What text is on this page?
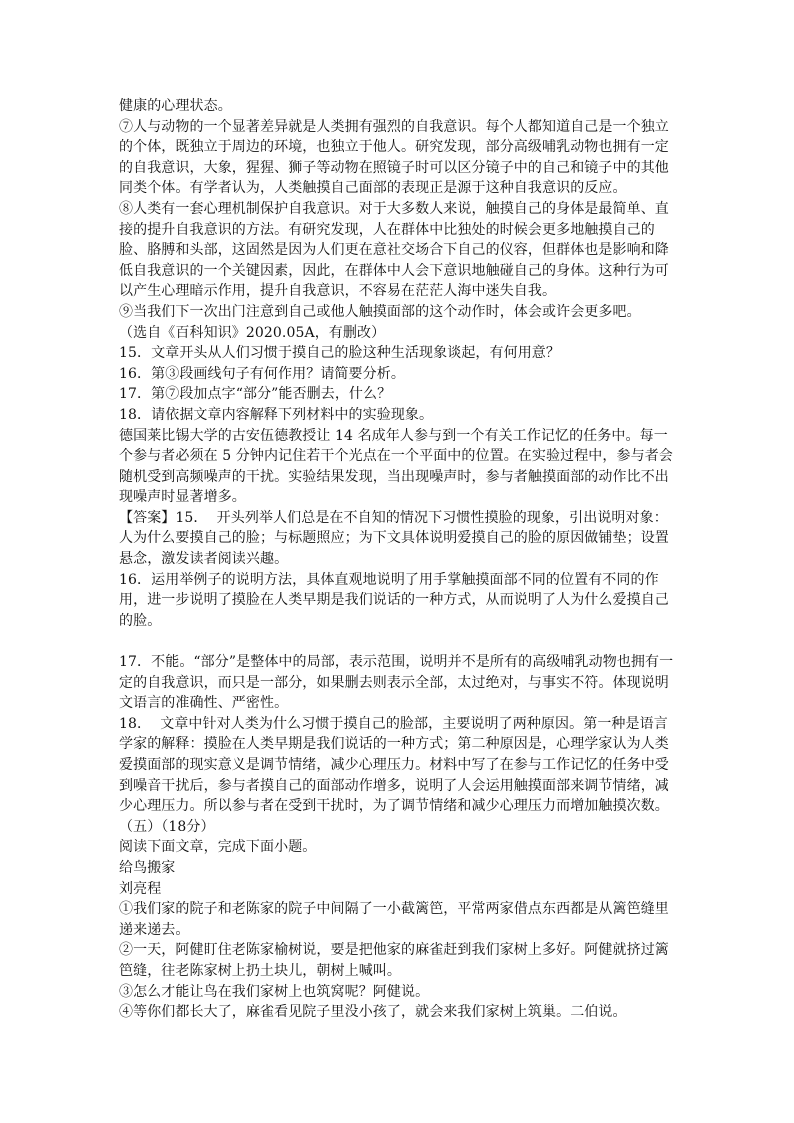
健康的心理状态。

⑦人与动物的一个显著差异就是人类拥有强烈的自我意识。每个人都知道自己是一个独立的个体，既独立于周边的环境，也独立于他人。研究发现，部分高级哺乳动物也拥有一定的自我意识，大象，猩猩、狮子等动物在照镜子时可以区分镜子中的自己和镜子中的其他同类个体。有学者认为，人类触摸自己面部的表现正是源于这种自我意识的反应。

⑧人类有一套心理机制保护自我意识。对于大多数人来说，触摸自己的身体是最简单、直接的提升自我意识的方法。有研究发现，人在群体中比独处的时候会更多地触摸自己的脸、胳膊和头部，这固然是因为人们更在意社交场合下自己的仪容，但群体也是影响和降低自我意识的一个关键因素，因此，在群体中人会下意识地触碰自己的身体。这种行为可以产生心理暗示作用，提升自我意识，不容易在茫茫人海中迷失自我。

⑨当我们下一次出门注意到自己或他人触摸面部的这个动作时，体会或许会更多吧。

（选自《百科知识》2020.05A，有删改）

15．文章开头从人们习惯于摸自己的脸这种生活现象谈起，有何用意？

16．第③段画线句子有何作用？请简要分析。

17．第⑦段加点字“部分”能否删去，什么？

18．请依据文章内容解释下列材料中的实验现象。

德国莱比锡大学的古安伍德教授让 14 名成年人参与到一个有关工作记忆的任务中。每一个参与者必须在 5 分钟内记住若干个光点在一个平面中的位置。在实验过程中，参与者会随机受到高频噪声的干扰。实验结果发现，当出现噪声时，参与者触摸面部的动作比不出现噪声时显著增多。

【答案】15．  开头列举人们总是在不自知的情况下习惯性摸脸的现象，引出说明对象：人为什么要摸自己的脸；与标题照应；为下文具体说明爱摸自己的脸的原因做铺垫；设置悬念，激发读者阅读兴趣。

16．运用举例子的说明方法，具体直观地说明了用手掌触摸面部不同的位置有不同的作用，进一步说明了摸脸在人类早期是我们说话的一种方式，从而说明了人为什么爱摸自己的脸。

17．不能。“部分”是整体中的局部，表示范围，说明并不是所有的高级哺乳动物也拥有一定的自我意识，而只是一部分，如果删去则表示全部，太过绝对，与事实不符。体现说明文语言的准确性、严密性。

18．  文章中针对人类为什么习惯于摸自己的脸部，主要说明了两种原因。第一种是语言学家的解释：摸脸在人类早期是我们说话的一种方式；第二种原因是，心理学家认为人类爱摸面部的现实意义是调节情绪，减少心理压力。材料中写了在参与工作记忆的任务中受到噪音干扰后，参与者摸自己的面部动作增多，说明了人会运用触摸面部来调节情绪，减少心理压力。所以参与者在受到干扰时，为了调节情绪和减少心理压力而增加触摸次数。

（五）（18分）

阅读下面文章，完成下面小题。

给鸟搬家

刘亮程

①我们家的院子和老陈家的院子中间隔了一小截篱笆，平常两家借点东西都是从篱笆缝里递来递去。

②一天，阿健盯住老陈家榆树说，要是把他家的麻雀赶到我们家树上多好。阿健就挤过篱笆缝，往老陈家树上扔土块儿，朝树上喊叫。

③怎么才能让鸟在我们家树上也筑窝呢？阿健说。

④等你们都长大了，麻雀看见院子里没小孩了，就会来我们家树上筑巢。二伯说。
